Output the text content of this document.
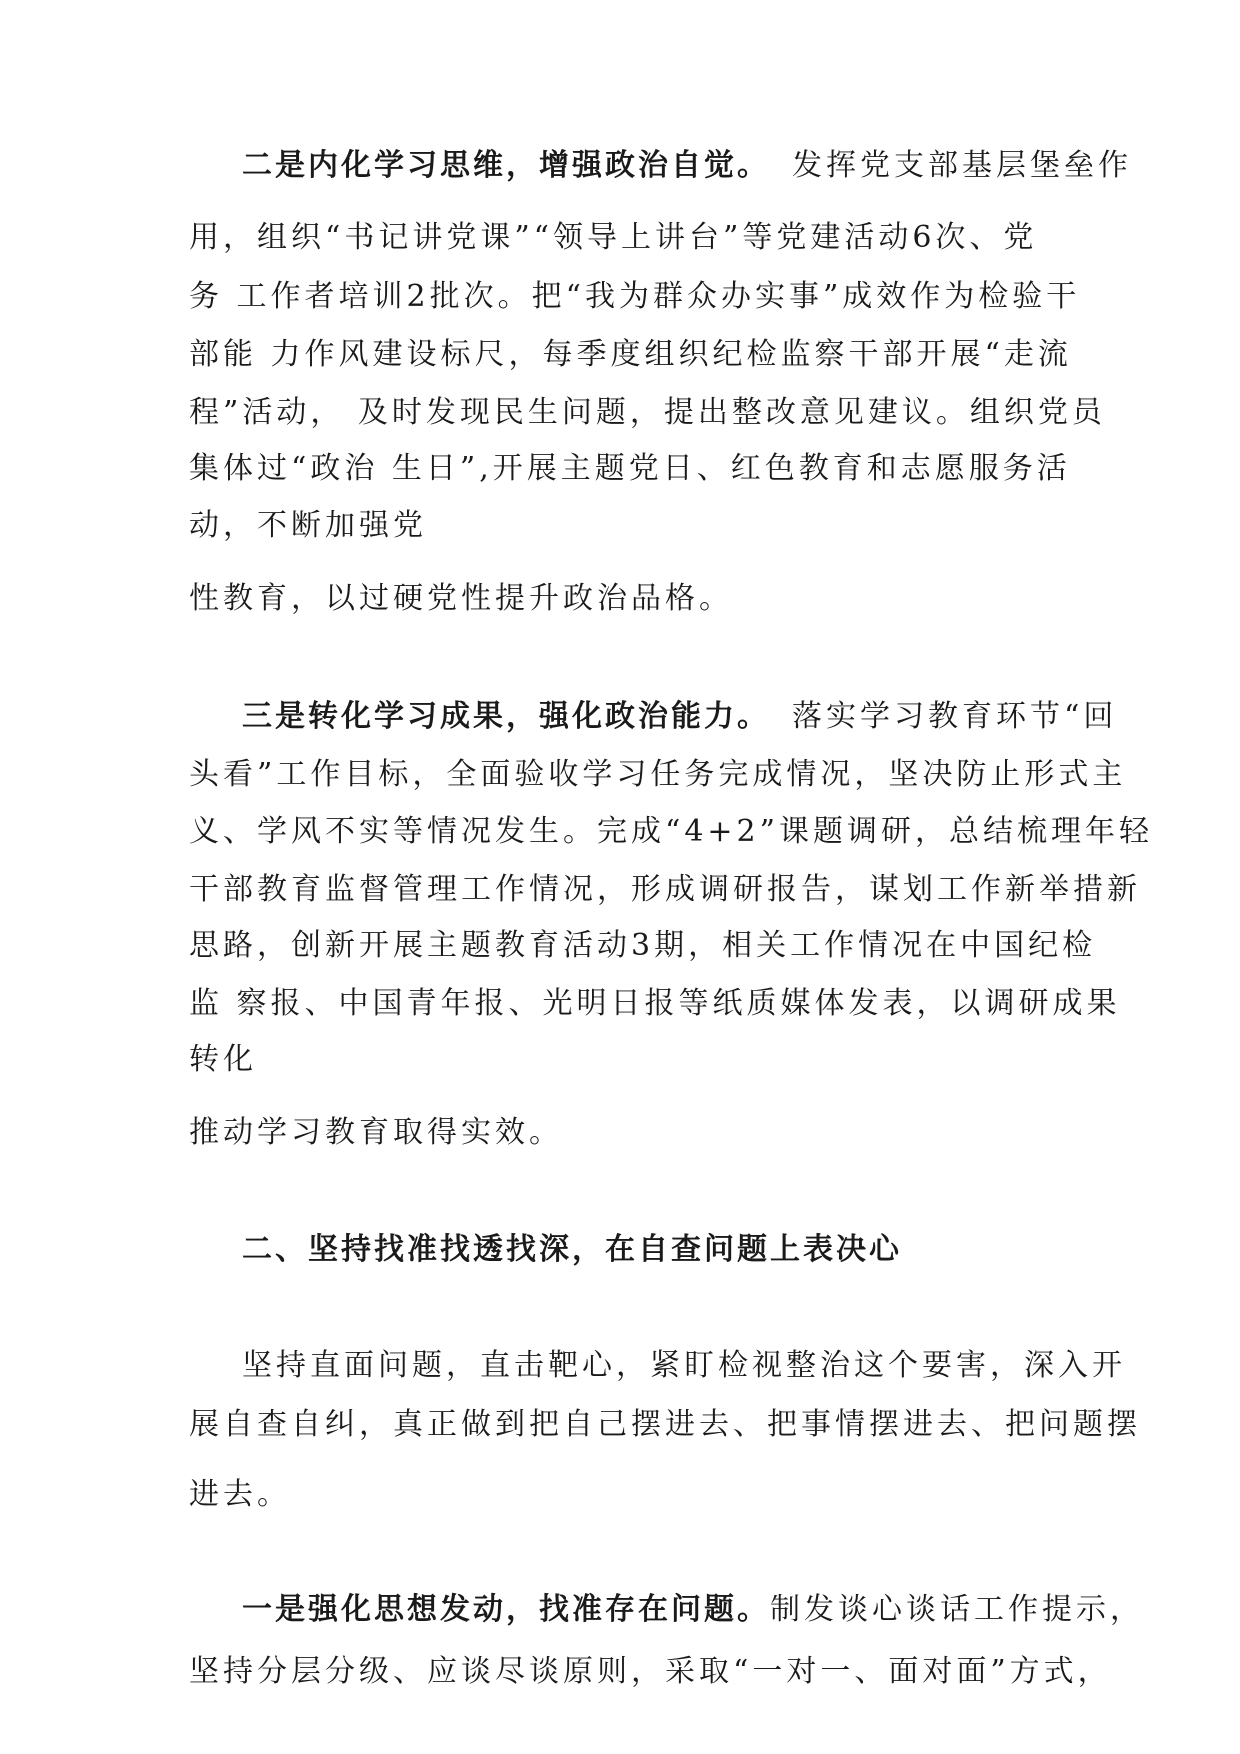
二是内化学习思维，增强政治自觉。 发挥党支部基层堡垒作
用，组织“书记讲党课”“领导上讲台”等党建活动6次、党
务 工作者培训2批次。把“我为群众办实事”成效作为检验干
部能 力作风建设标尺，每季度组织纪检监察干部开展“走流
程”活动， 及时发现民生问题，提出整改意见建议。组织党员
集体过“政治 生日”,开展主题党日、红色教育和志愿服务活
动，不断加强党
性教育，以过硬党性提升政治品格。
三是转化学习成果，强化政治能力。 落实学习教育环节“回
头看”工作目标，全面验收学习任务完成情况，坚决防止形式主
义、学风不实等情况发生。完成“4+2”课题调研，总结梳理年轻
干部教育监督管理工作情况，形成调研报告，谋划工作新举措新
思路，创新开展主题教育活动3期，相关工作情况在中国纪检
监 察报、中国青年报、光明日报等纸质媒体发表，以调研成果
转化
推动学习教育取得实效。
二、坚持找准找透找深，在自查问题上表决心
坚持直面问题，直击靶心，紧盯检视整治这个要害，深入开
展自查自纠，真正做到把自己摆进去、把事情摆进去、把问题摆
进去。
一是强化思想发动，找准存在问题。制发谈心谈话工作提示，
坚持分层分级、应谈尽谈原则，采取“一对一、面对面”方式，
